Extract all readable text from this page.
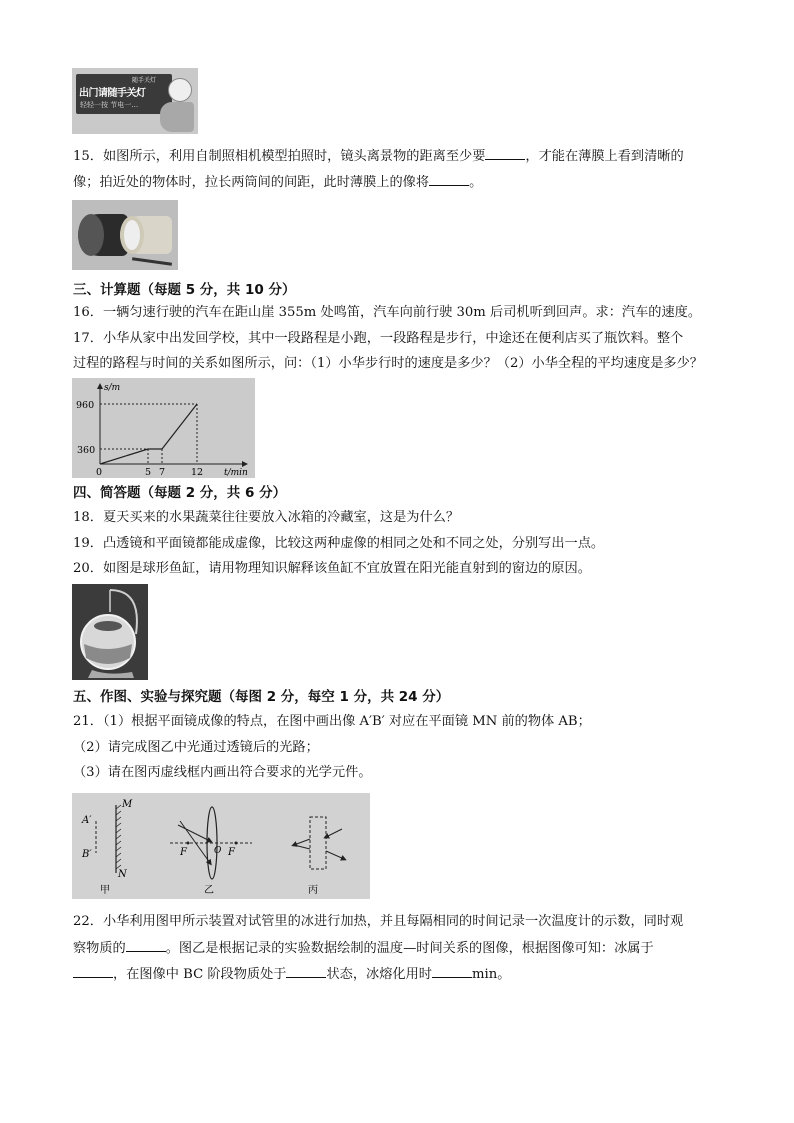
随手关灯
出门请随手关灯
轻轻一按 节电一…
15．如图所示，利用自制照相机模型拍照时，镜头离景物的距离至少要	，才能在薄膜上看到清晰的
像；拍近处的物体时，拉长两筒间的间距，此时薄膜上的像将	。
三、计算题（每题 5 分，共 10 分）
16．一辆匀速行驶的汽车在距山崖 355m 处鸣笛，汽车向前行驶 30m 后司机听到回声。求：汽车的速度。
17．小华从家中出发回学校，其中一段路程是小跑，一段路程是步行，中途还在便利店买了瓶饮料。整个
过程的路程与时间的关系如图所示，问：（1）小华步行时的速度是多少？（2）小华全程的平均速度是多少？
s/m
960
360
0	5 7	12 t/min
四、简答题（每题 2 分，共 6 分）
18．夏天买来的水果蔬菜往往要放入冰箱的冷藏室，这是为什么？
19．凸透镜和平面镜都能成虚像，比较这两种虚像的相同之处和不同之处，分别写出一点。
20．如图是球形鱼缸，请用物理知识解释该鱼缸不宜放置在阳光能直射到的窗边的原因。
五、作图、实验与探究题（每图 2 分，每空 1 分，共 24 分）
21．（1）根据平面镜成像的特点，在图中画出像 A′B′ 对应在平面镜 MN 前的物体 AB；
（2）请完成图乙中光通过透镜后的光路；
（3）请在图丙虚线框内画出符合要求的光学元件。
M
A′
B′
N
甲
F	F
O
乙	丙
22．小华利用图甲所示装置对试管里的冰进行加热，并且每隔相同的时间记录一次温度计的示数，同时观
察物质的	。图乙是根据记录的实验数据绘制的温度—时间关系的图像，根据图像可知：冰属于
，在图像中 BC 阶段物质处于	状态，冰熔化用时	min。
